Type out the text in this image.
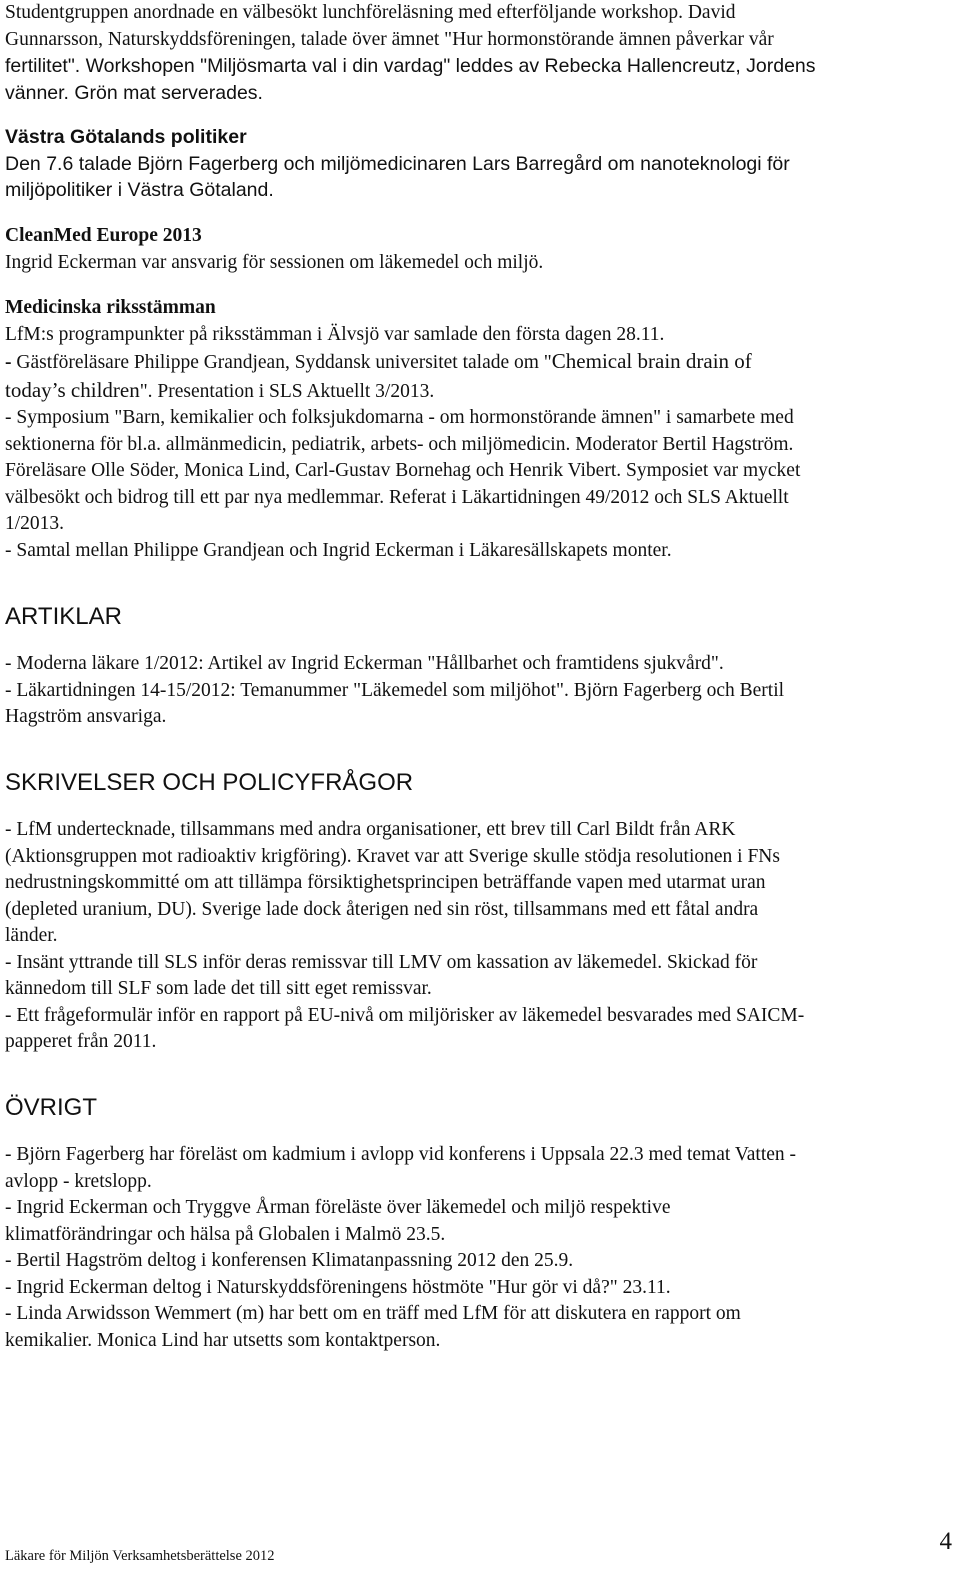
Studentgruppen anordnade en välbesökt lunchföreläsning med efterföljande workshop. David

Gunnarsson, Naturskyddsföreningen, talade över ämnet "Hur hormonstörande ämnen påverkar vår

fertilitet". Workshopen "Miljösmarta val i din vardag" leddes av Rebecka Hallencreutz, Jordens

vänner. Grön mat serverades.

Västra Götalands politiker

Den 7.6 talade Björn Fagerberg och miljömedicinaren Lars Barregård om nanoteknologi för

miljöpolitiker i Västra Götaland.

CleanMed Europe 2013

Ingrid Eckerman var ansvarig för sessionen om läkemedel och miljö.

Medicinska riksstämman

LfM:s programpunkter på riksstämman i Älvsjö var samlade den första dagen 28.11.

- Gästföreläsare Philippe Grandjean, Syddansk universitet talade om "Chemical brain drain of

today’s children". Presentation i SLS Aktuellt 3/2013.

- Symposium "Barn, kemikalier och folksjukdomarna - om hormonstörande ämnen" i samarbete med

sektionerna för bl.a. allmänmedicin, pediatrik, arbets- och miljömedicin. Moderator Bertil Hagström.

Föreläsare Olle Söder, Monica Lind, Carl-Gustav Bornehag och Henrik Vibert. Symposiet var mycket

välbesökt och bidrog till ett par nya medlemmar. Referat i Läkartidningen 49/2012 och SLS Aktuellt

1/2013.

- Samtal mellan Philippe Grandjean och Ingrid Eckerman i Läkaresällskapets monter.

ARTIKLAR

- Moderna läkare 1/2012: Artikel av Ingrid Eckerman "Hållbarhet och framtidens sjukvård".

- Läkartidningen 14-15/2012: Temanummer "Läkemedel som miljöhot". Björn Fagerberg och Bertil

Hagström ansvariga.

SKRIVELSER OCH POLICYFRÅGOR

- LfM undertecknade, tillsammans med andra organisationer, ett brev till Carl Bildt från ARK

(Aktionsgruppen mot radioaktiv krigföring). Kravet var att Sverige skulle stödja resolutionen i FNs

nedrustningskommitté om att tillämpa försiktighetsprincipen beträffande vapen med utarmat uran

(depleted uranium, DU). Sverige lade dock återigen ned sin röst, tillsammans med ett fåtal andra

länder.

- Insänt yttrande till SLS inför deras remissvar till LMV om kassation av läkemedel. Skickad för

kännedom till SLF som lade det till sitt eget remissvar.

- Ett frågeformulär inför en rapport på EU-nivå om miljörisker av läkemedel besvarades med SAICM-

papperet från 2011.

ÖVRIGT

- Björn Fagerberg har föreläst om kadmium i avlopp vid konferens i Uppsala 22.3 med temat Vatten -

avlopp - kretslopp.

- Ingrid Eckerman och Tryggve Årman föreläste över läkemedel och miljö respektive

klimatförändringar och hälsa på Globalen i Malmö 23.5.

- Bertil Hagström deltog i konferensen Klimatanpassning 2012 den 25.9.

- Ingrid Eckerman deltog i Naturskyddsföreningens höstmöte "Hur gör vi då?" 23.11.

- Linda Arwidsson Wemmert (m) har bett om en träff med LfM för att diskutera en rapport om

kemikalier. Monica Lind har utsetts som kontaktperson.

Läkare för Miljön Verksamhetsberättelse 2012
4
